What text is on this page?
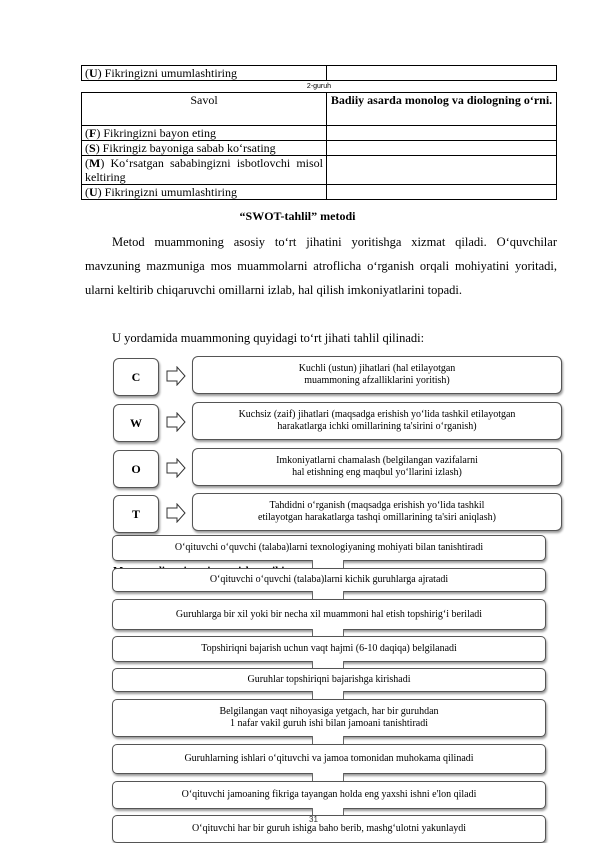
(U) Fikringizni umumlashtiring	
2-guruh
Savol	Badiiy asarda monolog va diologning o‘rni.
(F) Fikringizni bayon eting	
(S) Fikringiz bayoniga sabab ko‘rsating	
(M) Ko‘rsatgan sababingizni isbotlovchi misol keltiring	
(U) Fikringizni umumlashtiring	
“SWOT-tahlil” metodi
Metod muammoning asosiy to‘rt jihatini yoritishga xizmat qiladi. O‘quvchilar mavzuning mazmuniga mos muammolarni atroflicha o‘rganish orqali mohiyatini yoritadi, ularni keltirib chiqaruvchi omillarni izlab, hal qilish imkoniyatlarini topadi.
U yordamida muammoning quyidagi to‘rt jihati tahlil qilinadi:
C
Kuchli (ustun) jihatlari (hal etilayotgan
muammoning afzalliklarini yoritish)
W
Kuchsiz (zaif) jihatlari (maqsadga erishish yo‘lida tashkil etilayotgan
harakatlarga ichki omillarining ta'sirini o‘rganish)
O
Imkoniyatlarni chamalash (belgilangan vazifalarni
hal etishning eng maqbul yo‘llarini izlash)
T
Tahdidni o‘rganish (maqsadga erishish yo‘lida tashkil
etilayotgan harakatlarga tashqi omillarining ta'siri aniqlash)
O‘qituvchi o‘quvchi (talaba)larni texnologiyaning mohiyati bilan tanishtiradi
O‘qituvchi o‘quvchi (talaba)larni kichik guruhlarga ajratadi
Guruhlarga bir xil yoki bir necha xil muammoni hal etish topshirig‘i beriladi
Topshiriqni bajarish uchun vaqt hajmi (6-10 daqiqa) belgilanadi
Guruhlar topshiriqni bajarishga kirishadi
Belgilangan vaqt nihoyasiga yetgach, har bir guruhdan
1 nafar vakil guruh ishi bilan jamoani tanishtiradi
Guruhlarning ishlari o‘qituvchi va jamoa tomonidan muhokama qilinadi
O‘qituvchi jamoaning fikriga tayangan holda eng yaxshi ishni e'lon qiladi
O‘qituvchi har bir guruh ishiga baho berib, mashg‘ulotni yakunlaydi
31
